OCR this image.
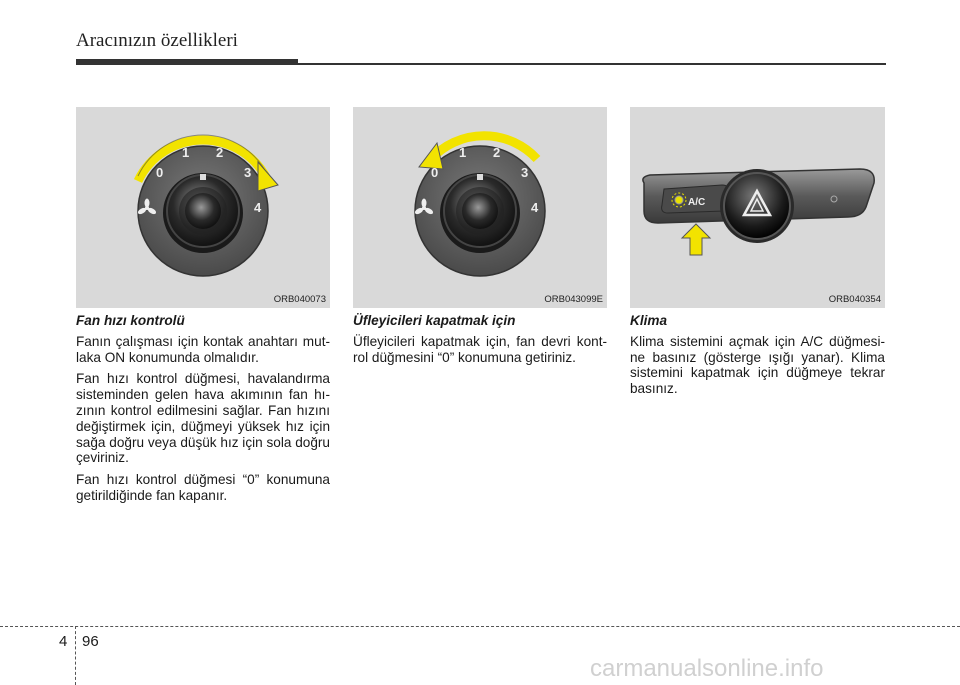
Aracınızın özellikleri
0
1 2
3
4
ORB040073
0
1 2
3
4
ORB043099E
A/C
ORB040354
Fan hızı kontrolü

Fanın çalışması için kontak anahtarı mut-laka ON konumunda olmalıdır.

Fan hızı kontrol düğmesi, havalandırma sisteminden gelen hava akımının fan hı-zının kontrol edilmesini sağlar. Fan hızını değiştirmek için, düğmeyi yüksek hız için sağa doğru veya düşük hız için sola doğru çeviriniz.

Fan hızı kontrol düğmesi “0” konumuna getirildiğinde fan kapanır.

Üfleyicileri kapatmak için

Üfleyicileri kapatmak için, fan devri kont-rol düğmesini “0” konumuna getiriniz.

Klima

Klima sistemini açmak için A/C düğmesi-ne basınız (gösterge ışığı yanar). Klima sistemini kapatmak için düğmeye tekrar basınız.

4 96
carmanualsonline.info
